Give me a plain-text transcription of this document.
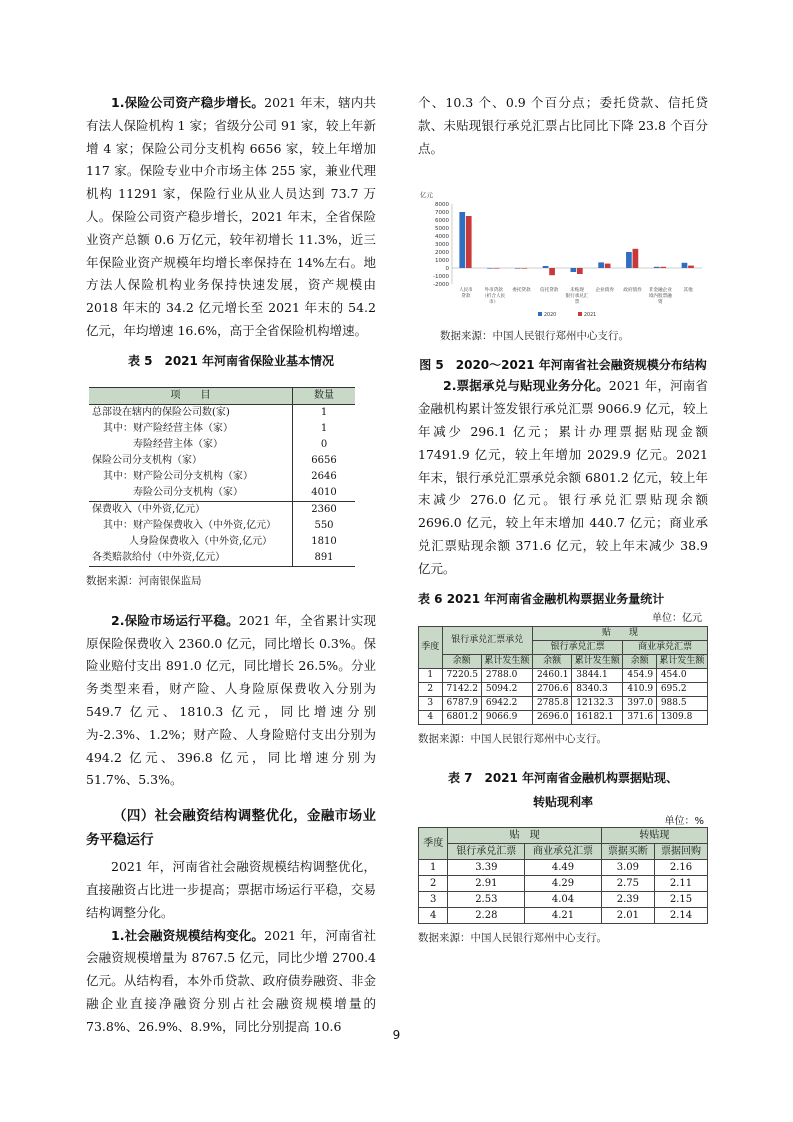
1.保险公司资产稳步增长。2021 年末，辖内共有法人保险机构 1 家；省级分公司 91 家，较上年新增 4 家；保险公司分支机构 6656 家，较上年增加 117 家。保险专业中介市场主体 255 家，兼业代理机构 11291 家，保险行业从业人员达到 73.7 万人。保险公司资产稳步增长，2021 年末，全省保险业资产总额 0.6 万亿元，较年初增长 11.3%，近三年保险业资产规模年均增长率保持在 14%左右。地方法人保险机构业务保持快速发展，资产规模由 2018 年末的 34.2 亿元增长至 2021 年末的 54.2 亿元，年均增速 16.6%，高于全省保险机构增速。

表 5　2021 年河南省保险业基本情况

项　　目	数量
总部设在辖内的保险公司数(家)	1
其中：财产险经营主体（家）	1
寿险经营主体（家）	0
保险公司分支机构（家）	6656
其中：财产险公司分支机构（家）	2646
寿险公司分支机构（家）	4010
保费收入（中外资,亿元）	2360
其中：财产险保费收入（中外资,亿元）	550
人身险保费收入（中外资,亿元）	1810
各类赔款给付（中外资,亿元）	891

数据来源：河南银保监局

2.保险市场运行平稳。2021 年，全省累计实现原保险保费收入 2360.0 亿元，同比增长 0.3%。保险业赔付支出 891.0 亿元，同比增长 26.5%。分业务类型来看，财产险、人身险原保费收入分别为 549.7 亿元、1810.3 亿元，同比增速分别为-2.3%、1.2%；财产险、人身险赔付支出分别为 494.2 亿元、396.8 亿元，同比增速分别为 51.7%、5.3%。

（四）社会融资结构调整优化，金融市场业务平稳运行

2021 年，河南省社会融资规模结构调整优化，直接融资占比进一步提高；票据市场运行平稳，交易结构调整分化。

1.社会融资规模结构变化。2021 年，河南省社会融资规模增量为 8767.5 亿元，同比少增 2700.4 亿元。从结构看，本外币贷款、政府债券融资、非金融企业直接净融资分别占社会融资规模增量的 73.8%、26.9%、8.9%，同比分别提高 10.6

个、10.3 个、0.9 个百分点；委托贷款、信托贷款、未贴现银行承兑汇票占比同比下降 23.8 个百分点。

亿元
8000
7000
6000
5000
4000
3000
2000
1000
0
-1000
-2000
人民币
贷款
外币贷款
（折合人民
币）
委托贷款 信托贷款	未贴现
银行承兑汇
票
企业债券 政府债券 非金融企业
境内股票融
资
其他
2020	2021

数据来源：中国人民银行郑州中心支行。

图 5　2020～2021 年河南省社会融资规模分布结构

2.票据承兑与贴现业务分化。2021 年，河南省金融机构累计签发银行承兑汇票 9066.9 亿元，较上年减少 296.1 亿元；累计办理票据贴现金额 17491.9 亿元，较上年增加 2029.9 亿元。2021 年末，银行承兑汇票承兑余额 6801.2 亿元，较上年末减少 276.0 亿元。银行承兑汇票贴现余额 2696.0 亿元，较上年末增加 440.7 亿元；商业承兑汇票贴现余额 371.6 亿元，较上年末减少 38.9 亿元。

表 6 2021 年河南省金融机构票据业务量统计

单位：亿元

季度	银行承兑汇票承兑		贴　　现			
			银行承兑汇票		商业承兑汇票	
	余额	累计发生额	余额	累计发生额	余额	累计发生额
1	7220.5	2788.0	2460.1	3844.1	454.9	454.0
2	7142.2	5094.2	2706.6	8340.3	410.9	695.2
3	6787.9	6942.2	2785.8	12132.3	397.0	988.5
4	6801.2	9066.9	2696.0	16182.1	371.6	1309.8

数据来源：中国人民银行郑州中心支行。

表 7　2021 年河南省金融机构票据贴现、

转贴现利率

单位：%

季度	贴　现		转贴现	
	银行承兑汇票	商业承兑汇票	票据买断	票据回购
1	3.39	4.49	3.09	2.16
2	2.91	4.29	2.75	2.11
3	2.53	4.04	2.39	2.15
4	2.28	4.21	2.01	2.14

数据来源：中国人民银行郑州中心支行。

9
